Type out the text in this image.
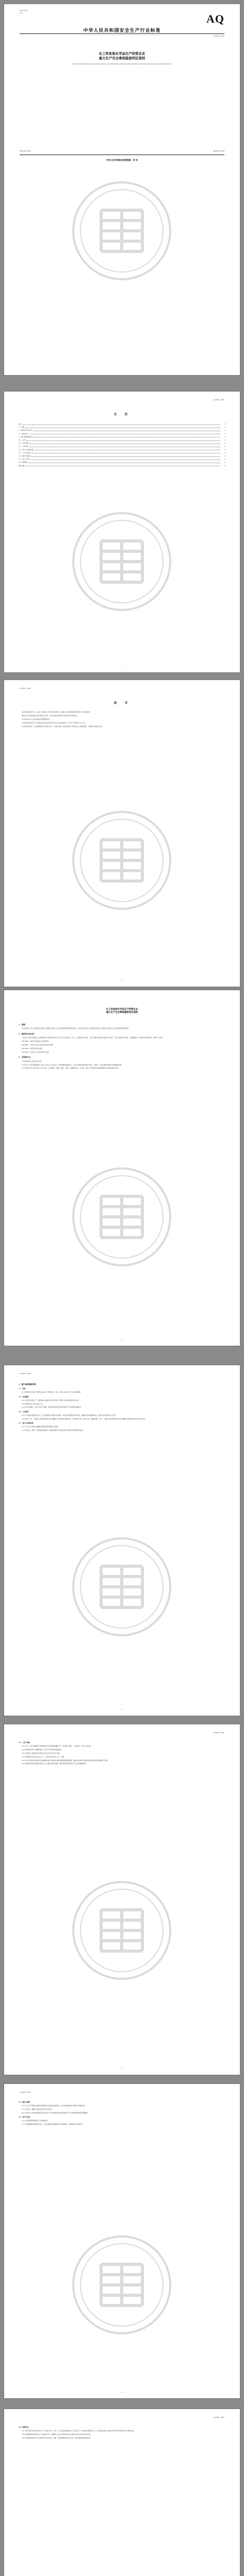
ICS 13.100
C 67	AQ
中华人民共和国安全生产行业标准
AQ 3057—2024
化工和危险化学品生产经营企业
重大生产安全事故隐患判定准则
Criteria for determining major accident potential in chemical industry enterprises and in hazardous chemical production and operation enterprises
2024-03-14 发布	2024-09-01 实施
中华人民共和国应急管理部　发 布
AQ 3057—2024
目　次
前言	Ⅱ
1　范围	1
2　规范性引用文件	1
3　术语和定义	1
4　重大事故隐患判定	2
4.1　总则	2
4.2　安全管理	2
4.3　人员资质	2
4.4　设计与总图布置	3
4.5　工艺与设备	3
4.6　储存与装卸	4
4.7　电气与仪表	4
4.8　特殊作业	5
参考文献	6
Ⅰ
AQ 3057—2024
前　言

本文件按照GB/T 1.1—2020《标准化工作导则 第1部分：标准化文件的结构和起草规则》的规定起草。

请注意本文件的某些内容可能涉及专利。本文件的发布机构不承担识别专利的责任。

本文件由中华人民共和国应急管理部提出。

本文件由全国安全生产标准化技术委员会化学品安全分技术委员会（SAC/TC 288/SC 3）归口。

本文件起草单位：应急管理部化学品登记中心、中国石油化工股份有限公司青岛安全工程研究院、中国化学品安全协会。

Ⅱ
化工和危险化学品生产经营企业
重大生产安全事故隐患判定准则

1　范围

本文件规定了化工和危险化学品生产经营企业重大生产安全事故隐患的判定要求。本文件适用于化工和危险化学品生产经营企业重大生产安全事故隐患的判定。

2　规范性引用文件

下列文件中的内容通过文中的规范性引用而构成本文件必不可少的条款。其中，注日期的引用文件，仅该日期对应的版本适用于本文件；不注日期的引用文件，其最新版本（包括所有的修改单）适用于本文件。

GB 18218　危险化学品重大危险源辨识

GB 30871　危险化学品企业特殊作业安全规范

GB 50016　建筑设计防火规范

GB 50160　石油化工企业设计防火标准

3　术语和定义

下列术语和定义适用于本文件。

3.1 重大生产安全事故隐患 major accident potential：危害和整改难度较大，应当全部或者局部停产停业，并经过一定时间整改治理方能排除的隐患。

3.2 危险化学品 hazardous chemicals：具有毒害、腐蚀、爆炸、燃烧、助燃等性质，对人体、设施、环境具有危害的剧毒化学品和其他化学品。

1
AQ 3057—2024

4　重大事故隐患判定

4.1　总则

化工和危险化学品生产经营企业存在下列情形之一的，应判定为重大生产安全事故隐患。

4.2　安全管理

4.2.1 危险化学品生产、经营单位主要负责人和安全生产管理人员未依法经考核合格。

4.2.2 特种作业人员未持证上岗。

4.2.3 涉及“两重点一重大”的生产装置、储存设施外部安全防护距离不符合国家标准要求。

4.3　人员资质

4.3.1 涉及重点监管危险化工工艺的装置未实现自动化控制，系统未实现紧急停车功能，装备的自动化控制系统、紧急停车系统未投入使用。

4.3.2 构成一级、二级重大危险源的危险化学品罐区未实现紧急切断功能；涉及毒性气体、液化气体、剧毒液体的一级、二级重大危险源的危险化学品罐区未配备独立的安全仪表系统。

4.4　设计与总图布置

4.4.1 全压力式液化烃储罐未按国家标准设置注水措施。

4.4.2 液化烃、液氨、液氯等易燃易爆、有毒有害液化气体的充装未使用万向管道充装系统。

2
AQ 3057—2024

4.5　工艺与设备

4.5.1 光气、氯气等剧毒气体及硫化氢气体管道穿越除厂区（包括化工园区、工业园区）外的公共区域。

4.5.2 地区架空电力线路穿越生产区且不符合国家标准要求。

4.5.3 在役化工装置未经正规设计且未进行安全设计诊断。

4.5.4 使用淘汰落后安全技术工艺、设备目录列出的工艺、设备。

4.5.5 涉及可燃和有毒有害气体泄漏的场所未按国家标准设置检测报警装置，爆炸危险场所未按国家标准安装使用防爆电气设备。

4.5.6 控制室或机柜间面向具有火灾、爆炸危险性装置一侧不满足国家标准关于防火防爆的要求。

3
AQ 3057—2024

4.6　储存与装卸

4.6.1 化工生产装置未按国家标准要求设置双重电源供电，自动化控制系统未设置不间断电源。

4.6.2 安全阀、爆破片等安全附件未正常投用。

4.6.3 未建立与岗位相匹配的全员安全生产责任制或者未制定实施生产安全事故隐患排查治理制度。

4.7　电气与仪表

4.7.1 未制定操作规程和工艺控制指标。

4.7.2 未按照国家标准制定动火、进入受限空间等特殊作业管理制度，或者制度未有效执行。

4
AQ 3057—2024

4.8　特殊作业

4.8.1 新开发的危险化学品生产工艺未经小试、中试、工业化试验直接进行工业化生产；国内首次使用的化工工艺未经过省级人民政府有关部门组织的安全可靠性论证。

4.8.2 新建装置未制定试生产方案投料开车；精细化工企业未按规范性文件要求开展反应安全风险评估。

4.8.3 未按国家标准分区分类储存危险化学品，超量、超品种储存危险化学品，相互禁配物质混放混存。
